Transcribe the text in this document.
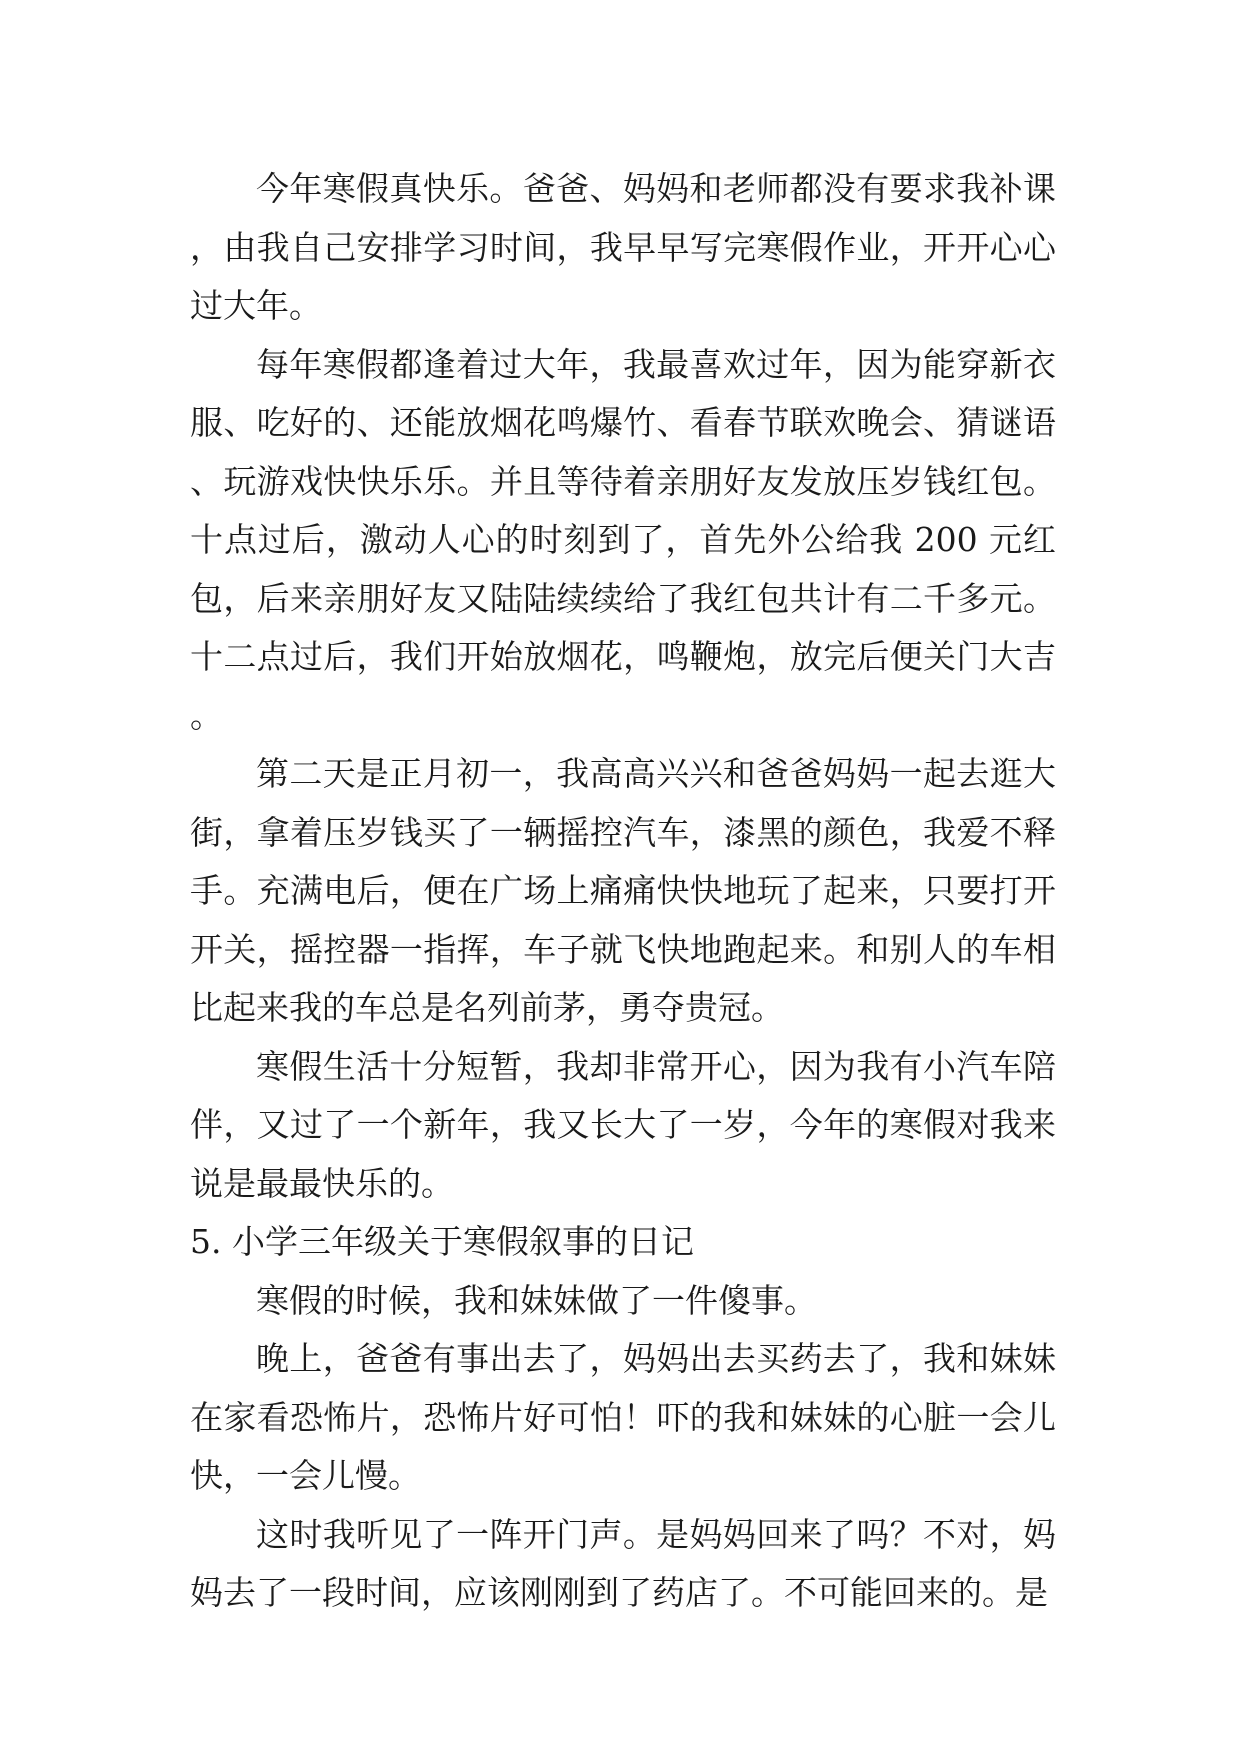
今年寒假真快乐。爸爸、妈妈和老师都没有要求我补课，由我自己安排学习时间，我早早写完寒假作业，开开心心过大年。

每年寒假都逢着过大年，我最喜欢过年，因为能穿新衣服、吃好的、还能放烟花鸣爆竹、看春节联欢晚会、猜谜语、玩游戏快快乐乐。并且等待着亲朋好友发放压岁钱红包。十点过后，激动人心的时刻到了，首先外公给我 200 元红包，后来亲朋好友又陆陆续续给了我红包共计有二千多元。十二点过后，我们开始放烟花，鸣鞭炮，放完后便关门大吉。

第二天是正月初一，我高高兴兴和爸爸妈妈一起去逛大街，拿着压岁钱买了一辆摇控汽车，漆黑的颜色，我爱不释手。充满电后，便在广场上痛痛快快地玩了起来，只要打开开关，摇控器一指挥，车子就飞快地跑起来。和别人的车相比起来我的车总是名列前茅，勇夺贵冠。

寒假生活十分短暂，我却非常开心，因为我有小汽车陪伴，又过了一个新年，我又长大了一岁，今年的寒假对我来说是最最快乐的。

5. 小学三年级关于寒假叙事的日记

寒假的时候，我和妹妹做了一件傻事。

晚上，爸爸有事出去了，妈妈出去买药去了，我和妹妹在家看恐怖片，恐怖片好可怕！吓的我和妹妹的心脏一会儿快，一会儿慢。

这时我听见了一阵开门声。是妈妈回来了吗？不对，妈妈去了一段时间，应该刚刚到了药店了。不可能回来的。是
